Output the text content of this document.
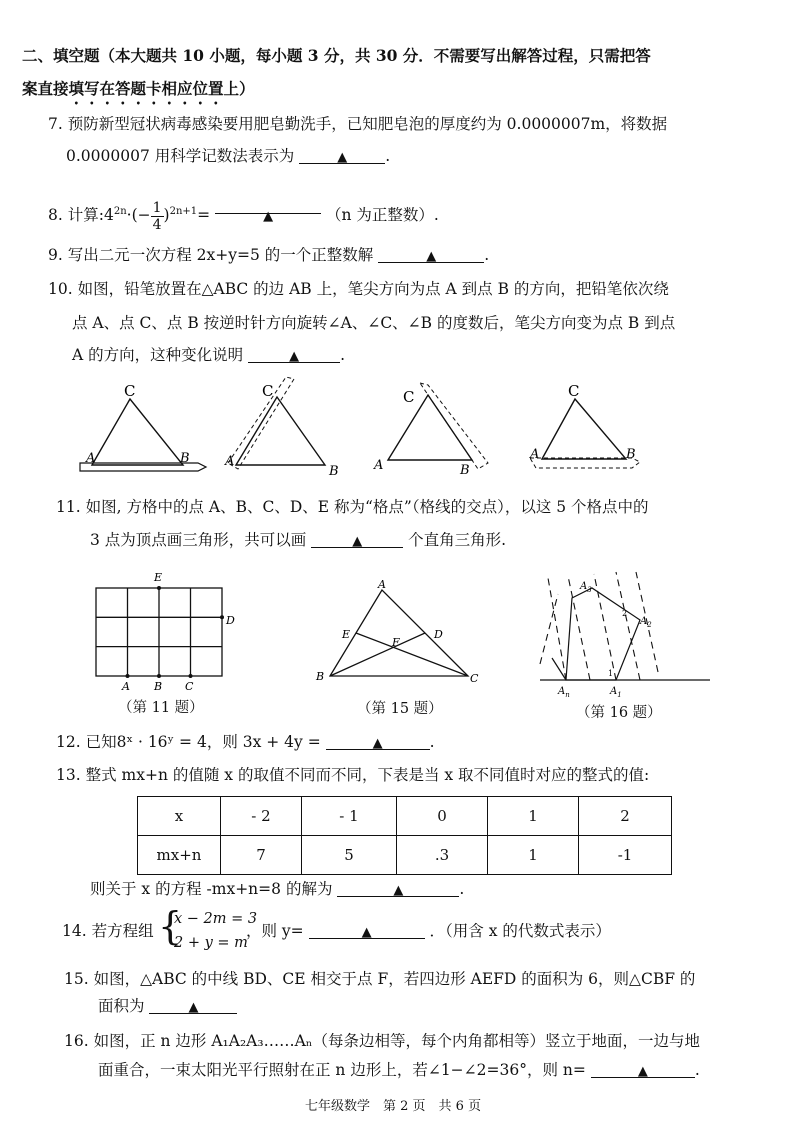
二、填空题（本大题共 10 小题，每小题 3 分，共 30 分．不需要写出解答过程，只需把答
案直接填写在答题卡相应位置上）
7. 预防新型冠状病毒感染要用肥皂勤洗手，已知肥皂泡的厚度约为 0.0000007m，将数据
0.0000007 用科学记数法表示为	▲ .
8. 计算$:4^{2n}\cdot(- \frac{1}{4} )^{2n+1}=$	▲	（n 为正整数）.
9. 写出二元一次方程 2x+y=5 的一个正整数解	▲	.
10. 如图，铅笔放置在△ABC 的边 AB 上，笔尖方向为点 A 到点 B 的方向，把铅笔依次绕
点 A、点 C、点 B 按逆时针方向旋转∠A、∠C、∠B 的度数后，笔尖方向变为点 B 到点
A 的方向，这种变化说明	▲	.
C
A	B
C
A
B
C
A	B
C
A	B
11. 如图, 方格中的点 A、B、C、D、E 称为“格点”（格线的交点），以这 5 个格点中的
3 点为顶点画三角形，共可以画	▲	个直角三角形.
E
D
A B C
（第 11 题）
A
B	C
D
E
F
（第 15 题）
$A_3$
$A_2$
$A_1$
$A_n$
1
2
（第 16 题）
12. 已知8ˣ · 16ʸ = 4，则 3x + 4y =	▲	.
13. 整式 mx+n 的值随 x 的取值不同而不同，下表是当 x 取不同值时对应的整式的值:
x	- 2	- 1	0	1	2
mx+n	7	5	.3	1	-1
则关于 x 的方程 -mx+n=8 的解为	▲	.
14. 若方程组 {
x − 2m = 3
2 + y = m
，则 y=	▲	．（用含 x 的代数式表示）
15. 如图，△ABC 的中线 BD、CE 相交于点 F，若四边形 AEFD 的面积为 6，则△CBF 的
面积为	▲
16. 如图，正 n 边形 A₁A₂A₃……Aₙ（每条边相等，每个内角都相等）竖立于地面，一边与地
面重合，一束太阳光平行照射在正 n 边形上，若∠1−∠2=36°，则 n=	▲	.
七年级数学　第 2 页　共 6 页
